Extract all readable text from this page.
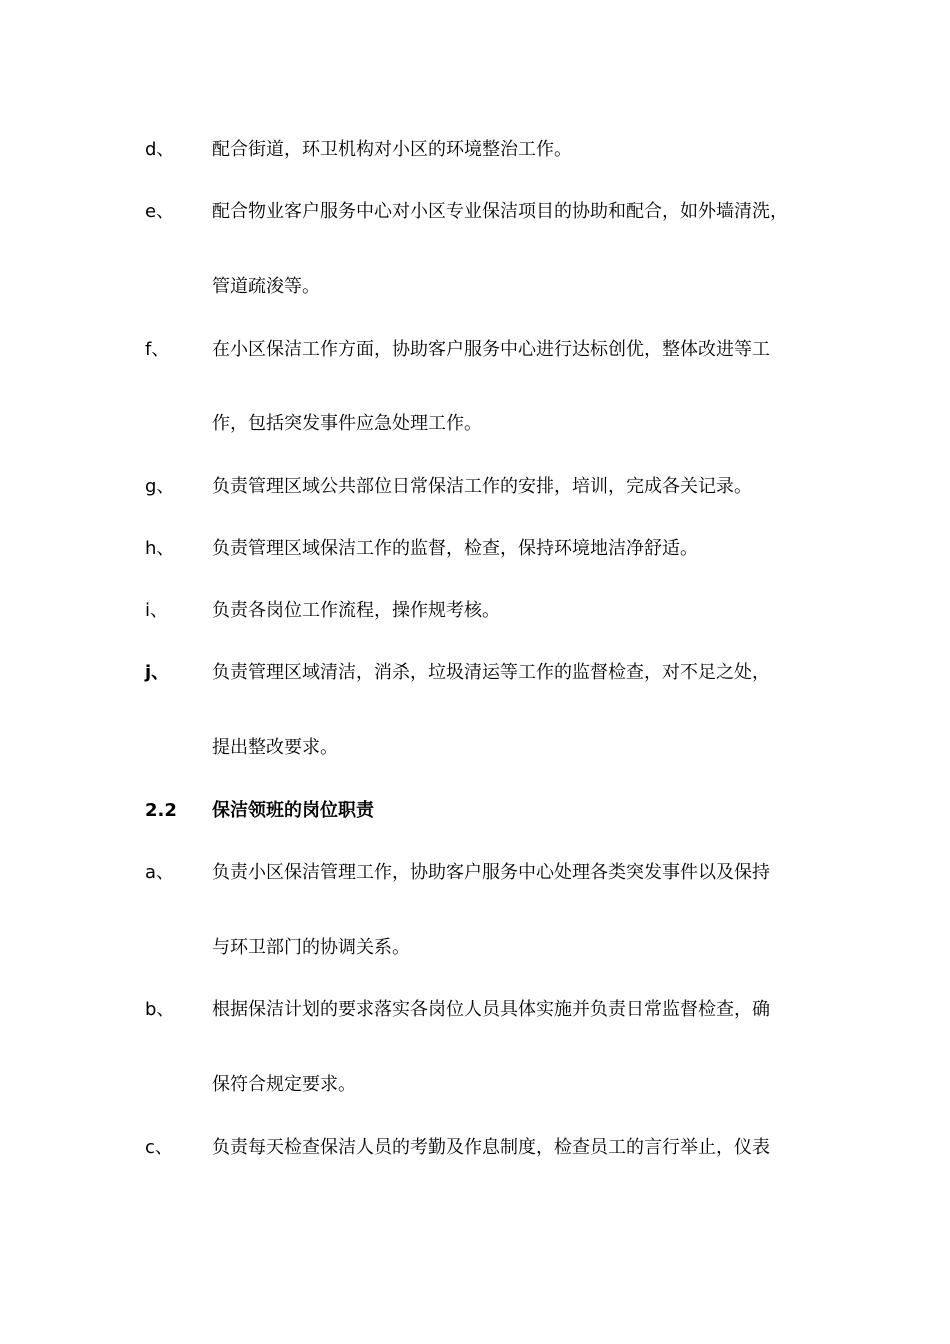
d、 配合街道，环卫机构对小区的环境整治工作。
e、 配合物业客户服务中心对小区专业保洁项目的协助和配合，如外墙清洗，
管道疏浚等。
f、 在小区保洁工作方面，协助客户服务中心进行达标创优，整体改进等工
作，包括突发事件应急处理工作。
g、 负责管理区域公共部位日常保洁工作的安排，培训，完成各关记录。
h、 负责管理区域保洁工作的监督，检查，保持环境地洁净舒适。
i、 负责各岗位工作流程，操作规考核。
j、 负责管理区域清洁，消杀，垃圾清运等工作的监督检查，对不足之处，
提出整改要求。
2.2 保洁领班的岗位职责
a、 负责小区保洁管理工作，协助客户服务中心处理各类突发事件以及保持
与环卫部门的协调关系。
b、 根据保洁计划的要求落实各岗位人员具体实施并负责日常监督检查，确
保符合规定要求。
c、 负责每天检查保洁人员的考勤及作息制度，检查员工的言行举止，仪表
